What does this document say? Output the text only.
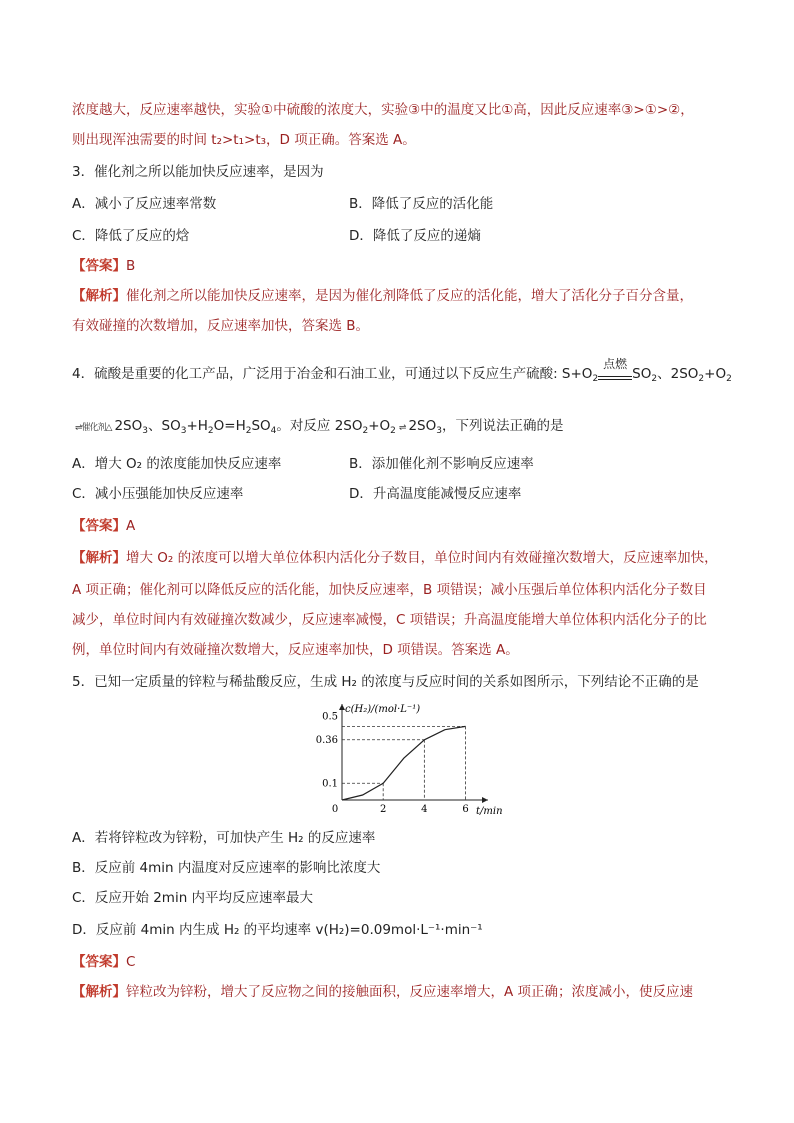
浓度越大，反应速率越快，实验①中硫酸的浓度大，实验③中的温度又比①高，因此反应速率③>①>②，
则出现浑浊需要的时间 t₂>t₁>t₃，D 项正确。答案选 A。
3．催化剂之所以能加快反应速率，是因为
A．减小了反应速率常数	B．降低了反应的活化能
C．降低了反应的焓	D．降低了反应的递熵
【答案】B
【解析】催化剂之所以能加快反应速率，是因为催化剂降低了反应的活化能，增大了活化分子百分含量，
有效碰撞的次数增加，反应速率加快，答案选 B。
4．硫酸是重要的化工产品，广泛用于冶金和石油工业，可通过以下反应生产硫酸: $S+O_2$
点燃
$SO_2$、$2SO_2+O_2$
⇌催化剂△ $2SO_3$、$SO_3+H_2O=H_2SO_4$。对反应 $2SO_2+O_2$ ⇌ $2SO_3$，下列说法正确的是
A．增大 O₂ 的浓度能加快反应速率	B．添加催化剂不影响反应速率
C．减小压强能加快反应速率	D．升高温度能减慢反应速率
【答案】A
【解析】增大 O₂ 的浓度可以增大单位体积内活化分子数目，单位时间内有效碰撞次数增大，反应速率加快，
A 项正确；催化剂可以降低反应的活化能，加快反应速率，B 项错误；减小压强后单位体积内活化分子数目
减少，单位时间内有效碰撞次数减少，反应速率减慢，C 项错误；升高温度能增大单位体积内活化分子的比
例，单位时间内有效碰撞次数增大，反应速率加快，D 项错误。答案选 A。
5．已知一定质量的锌粒与稀盐酸反应，生成 H₂ 的浓度与反应时间的关系如图所示，下列结论不正确的是
0	2	4	6
0.1
0.36
0.5
c(H₂)/(mol·L⁻¹)
t/min
A．若将锌粒改为锌粉，可加快产生 H₂ 的反应速率
B．反应前 4min 内温度对反应速率的影响比浓度大
C．反应开始 2min 内平均反应速率最大
D．反应前 4min 内生成 H₂ 的平均速率 v(H₂)=0.09mol·L⁻¹·min⁻¹
【答案】C
【解析】锌粒改为锌粉，增大了反应物之间的接触面积，反应速率增大，A 项正确；浓度减小，使反应速
